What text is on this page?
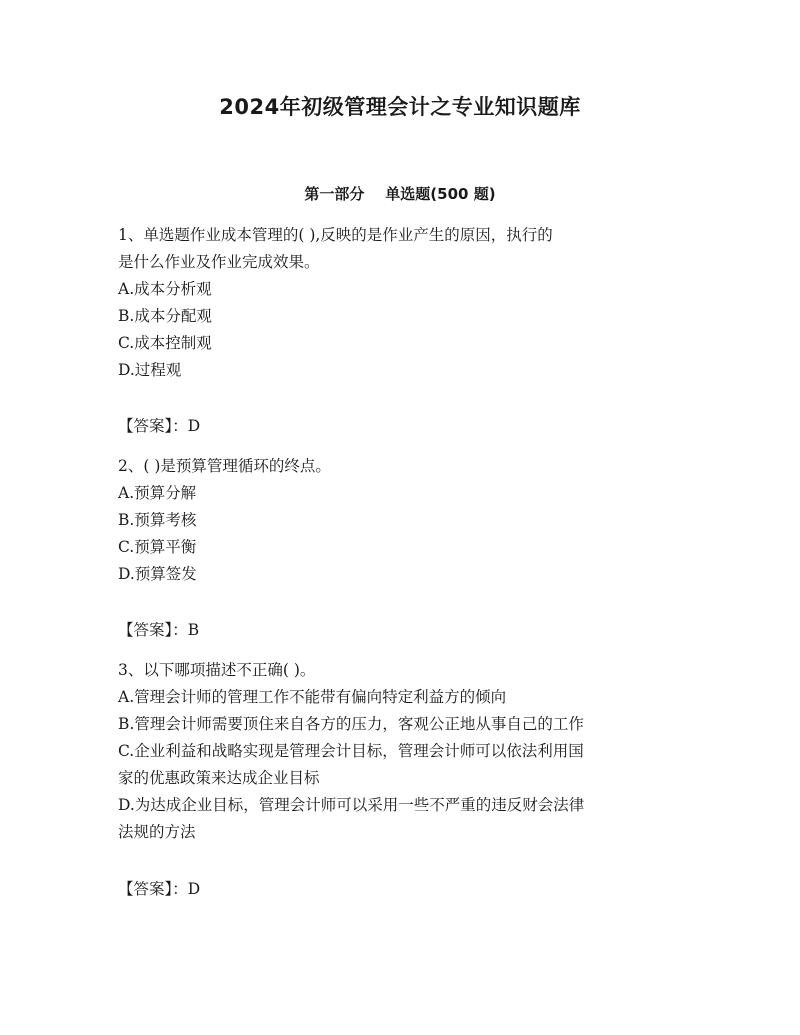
2024年初级管理会计之专业知识题库
第一部分    单选题(500 题)
1、单选题作业成本管理的( ),反映的是作业产生的原因，执行的
是什么作业及作业完成效果。
A.成本分析观
B.成本分配观
C.成本控制观
D.过程观
【答案】：D
2、( )是预算管理循环的终点。
A.预算分解
B.预算考核
C.预算平衡
D.预算签发
【答案】：B
3、以下哪项描述不正确( )。
A.管理会计师的管理工作不能带有偏向特定利益方的倾向
B.管理会计师需要顶住来自各方的压力，客观公正地从事自己的工作
C.企业利益和战略实现是管理会计目标，管理会计师可以依法利用国
家的优惠政策来达成企业目标
D.为达成企业目标，管理会计师可以采用一些不严重的违反财会法律
法规的方法
【答案】：D
